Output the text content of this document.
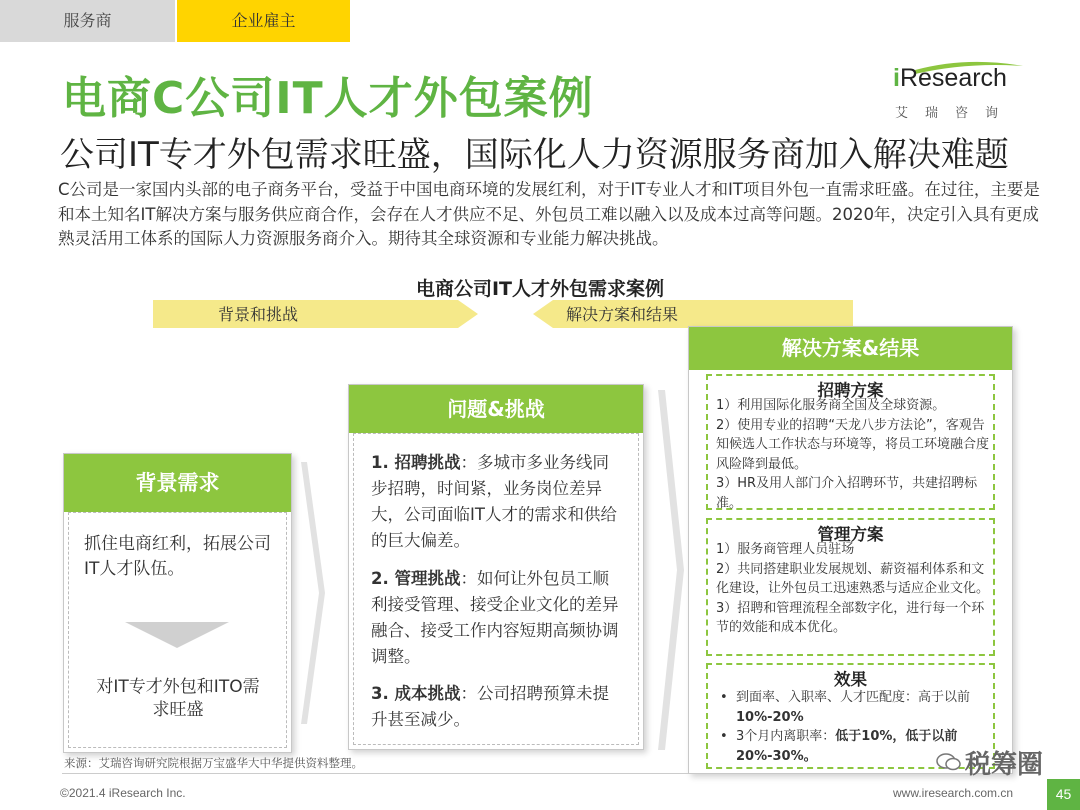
服务商	企业雇主
电商C公司IT人才外包案例	iResearch
艾瑞咨询
公司IT专才外包需求旺盛，国际化人力资源服务商加入解决难题
C公司是一家国内头部的电子商务平台，受益于中国电商环境的发展红利，对于IT专业人才和IT项目外包一直需求旺盛。在过往，主要是和本土知名IT解决方案与服务供应商合作，会存在人才供应不足、外包员工难以融入以及成本过高等问题。2020年，决定引入具有更成熟灵活用工体系的国际人力资源服务商介入。期待其全球资源和专业能力解决挑战。
电商公司IT人才外包需求案例
背景和挑战	解决方案和结果
背景需求
抓住电商红利，拓展公司IT人才队伍。
对IT专才外包和ITO需求旺盛
问题&挑战
1. 招聘挑战：多城市多业务线同步招聘，时间紧，业务岗位差异大，公司面临IT人才的需求和供给的巨大偏差。
2. 管理挑战：如何让外包员工顺利接受管理、接受企业文化的差异融合、接受工作内容短期高频协调调整。
3. 成本挑战：公司招聘预算未提升甚至减少。
解决方案&结果
招聘方案
1）利用国际化服务商全国及全球资源。
2）使用专业的招聘“天龙八步方法论”，客观告知候选人工作状态与环境等，将员工环境融合度风险降到最低。
3）HR及用人部门介入招聘环节，共建招聘标准。
管理方案
1）服务商管理人员驻场
2）共同搭建职业发展规划、薪资福利体系和文化建设，让外包员工迅速熟悉与适应企业文化。
3）招聘和管理流程全部数字化，进行每一个环节的效能和成本优化。
效果
• 到面率、入职率、人才匹配度：高于以前10%-20%
• 3个月内离职率：低于10%，低于以前20%-30%。
来源：艾瑞咨询研究院根据万宝盛华大中华提供资料整理。
©2021.4 iResearch Inc.	www.iresearch.com.cn	45
税筹圈
